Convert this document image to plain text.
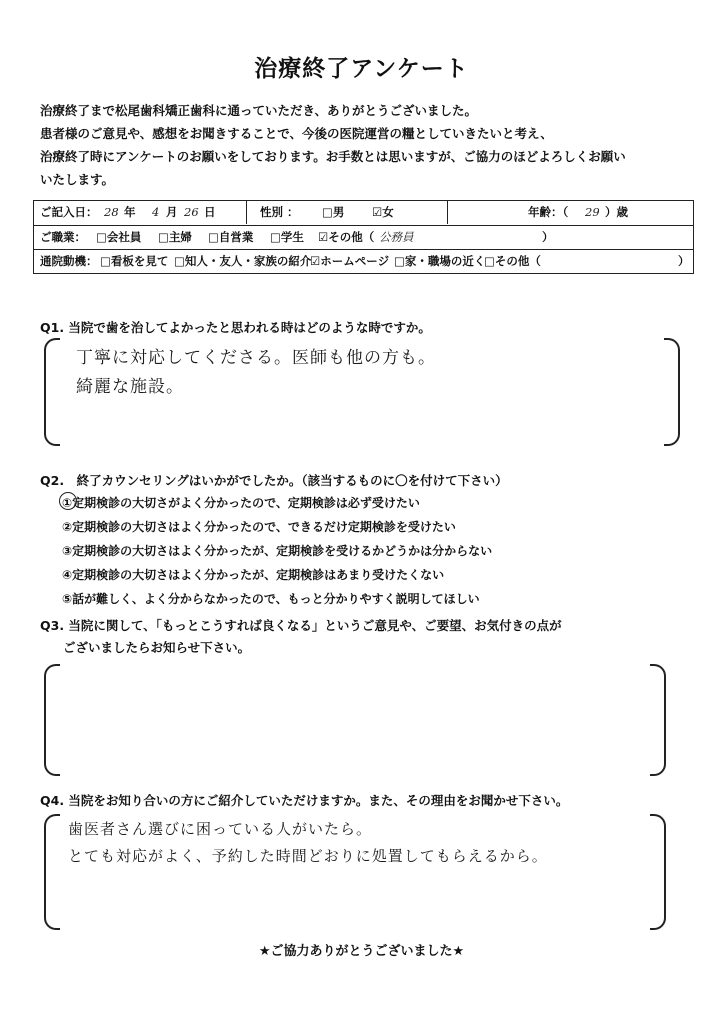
治療終了アンケート
治療終了まで松尾歯科矯正歯科に通っていただき、ありがとうございました。
患者様のご意見や、感想をお聞きすることで、今後の医院運営の糧としていきたいと考え、
治療終了時にアンケートのお願いをしております。お手数とは思いますが、ご協力のほどよろしくお願い
いたします。
ご記入日： 28 年 4 月 26 日	性別 ： □男 ☑女	年齢：（ 29 ）歳
ご職業： □会社員 □主婦 □自営業 □学生 ☑その他（ 公務員	）
通院動機： □看板を見て □知人・友人・家族の紹介
☑ホームページ □家・職場の近く
□その他（	）
Q1. 当院で歯を治してよかったと思われる時はどのような時ですか。
丁寧に対応してくださる。医師も他の方も。
綺麗な施設。
Q2.　終了カウンセリングはいかがでしたか。（該当するものに〇を付けて下さい）
①定期検診の大切さがよく分かったので、定期検診は必ず受けたい
②定期検診の大切さはよく分かったので、できるだけ定期検診を受けたい
③定期検診の大切さはよく分かったが、定期検診を受けるかどうかは分からない
④定期検診の大切さはよく分かったが、定期検診はあまり受けたくない
⑤話が難しく、よく分からなかったので、もっと分かりやすく説明してほしい
Q3. 当院に関して、「もっとこうすれば良くなる」というご意見や、ご要望、お気付きの点が
ございましたらお知らせ下さい。
Q4. 当院をお知り合いの方にご紹介していただけますか。また、その理由をお聞かせ下さい。
歯医者さん選びに困っている人がいたら。
とても対応がよく、予約した時間どおりに処置してもらえるから。
★ご協力ありがとうございました★
